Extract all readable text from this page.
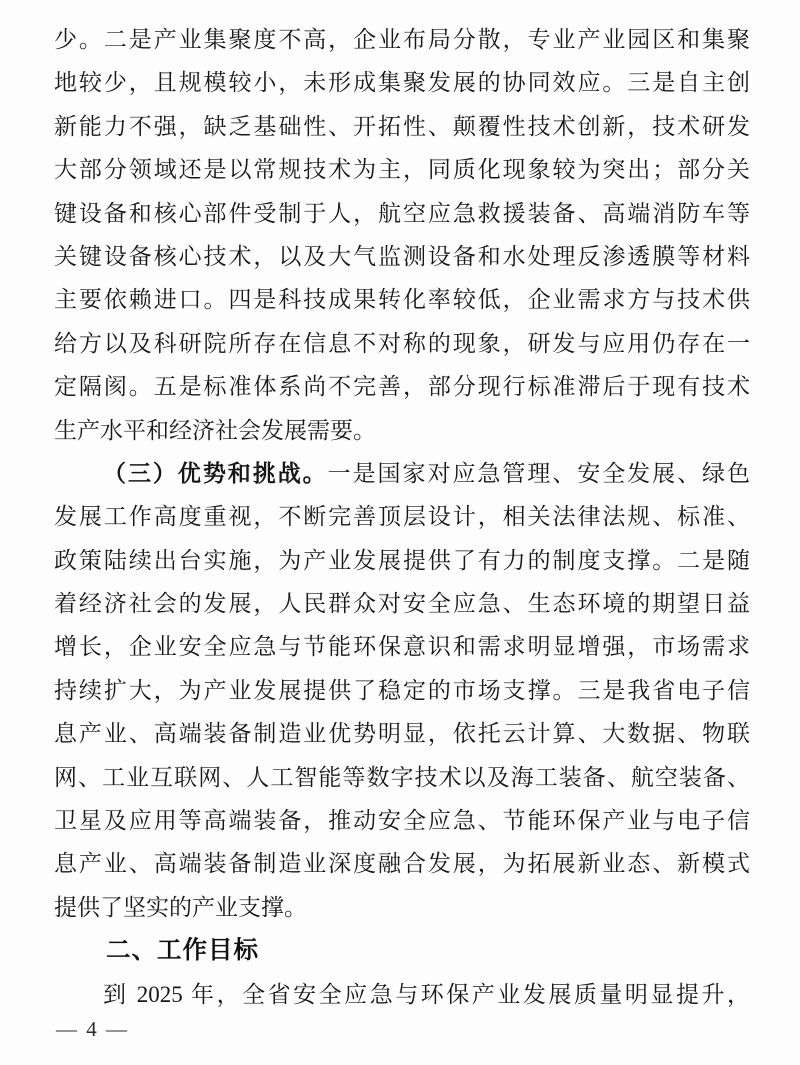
少。二是产业集聚度不高，企业布局分散，专业产业园区和集聚
地较少，且规模较小，未形成集聚发展的协同效应。三是自主创
新能力不强，缺乏基础性、开拓性、颠覆性技术创新，技术研发
大部分领域还是以常规技术为主，同质化现象较为突出；部分关
键设备和核心部件受制于人，航空应急救援装备、高端消防车等
关键设备核心技术，以及大气监测设备和水处理反渗透膜等材料
主要依赖进口。四是科技成果转化率较低，企业需求方与技术供
给方以及科研院所存在信息不对称的现象，研发与应用仍存在一
定隔阂。五是标准体系尚不完善，部分现行标准滞后于现有技术
生产水平和经济社会发展需要。
（三）优势和挑战。一是国家对应急管理、安全发展、绿色
发展工作高度重视，不断完善顶层设计，相关法律法规、标准、
政策陆续出台实施，为产业发展提供了有力的制度支撑。二是随
着经济社会的发展，人民群众对安全应急、生态环境的期望日益
增长，企业安全应急与节能环保意识和需求明显增强，市场需求
持续扩大，为产业发展提供了稳定的市场支撑。三是我省电子信
息产业、高端装备制造业优势明显，依托云计算、大数据、物联
网、工业互联网、人工智能等数字技术以及海工装备、航空装备、
卫星及应用等高端装备，推动安全应急、节能环保产业与电子信
息产业、高端装备制造业深度融合发展，为拓展新业态、新模式
提供了坚实的产业支撑。
二、工作目标
到 2025 年，全省安全应急与环保产业发展质量明显提升，
— 4 —
